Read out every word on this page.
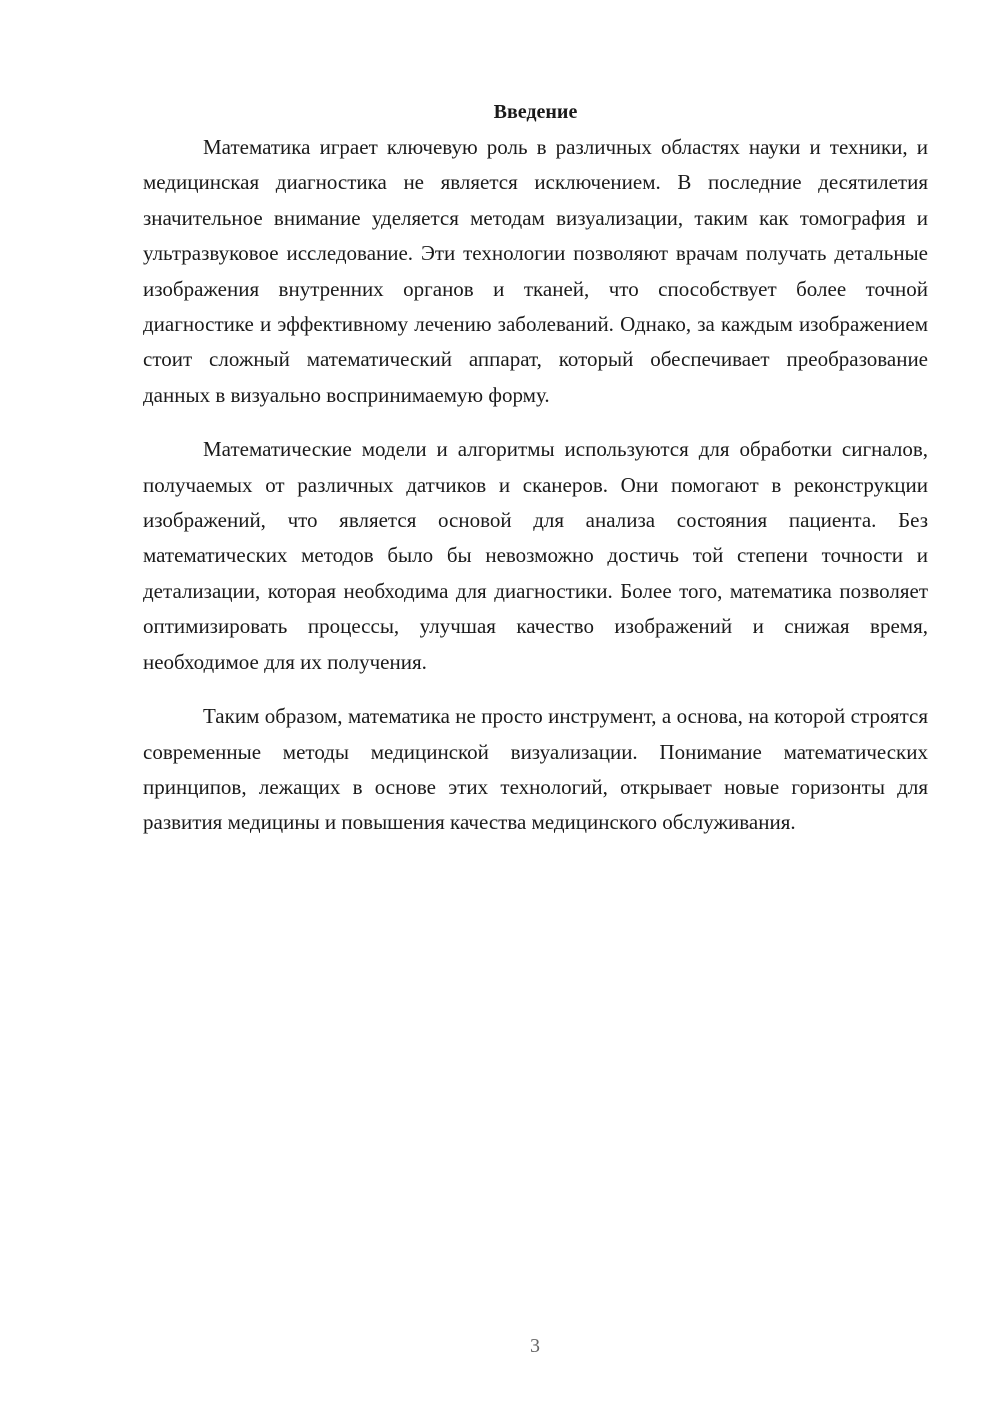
Введение

Математика играет ключевую роль в различных областях науки и техники, и медицинская диагностика не является исключением. В последние десятилетия значительное внимание уделяется методам визуализации, таким как томография и ультразвуковое исследование. Эти технологии позволяют врачам получать детальные изображения внутренних органов и тканей, что способствует более точной диагностике и эффективному лечению заболеваний. Однако, за каждым изображением стоит сложный математический аппарат, который обеспечивает преобразование данных в визуально воспринимаемую форму.

Математические модели и алгоритмы используются для обработки сигналов, получаемых от различных датчиков и сканеров. Они помогают в реконструкции изображений, что является основой для анализа состояния пациента. Без математических методов было бы невозможно достичь той степени точности и детализации, которая необходима для диагностики. Более того, математика позволяет оптимизировать процессы, улучшая качество изображений и снижая время, необходимое для их получения.

Таким образом, математика не просто инструмент, а основа, на которой строятся современные методы медицинской визуализации. Понимание математических принципов, лежащих в основе этих технологий, открывает новые горизонты для развития медицины и повышения качества медицинского обслуживания.

3
